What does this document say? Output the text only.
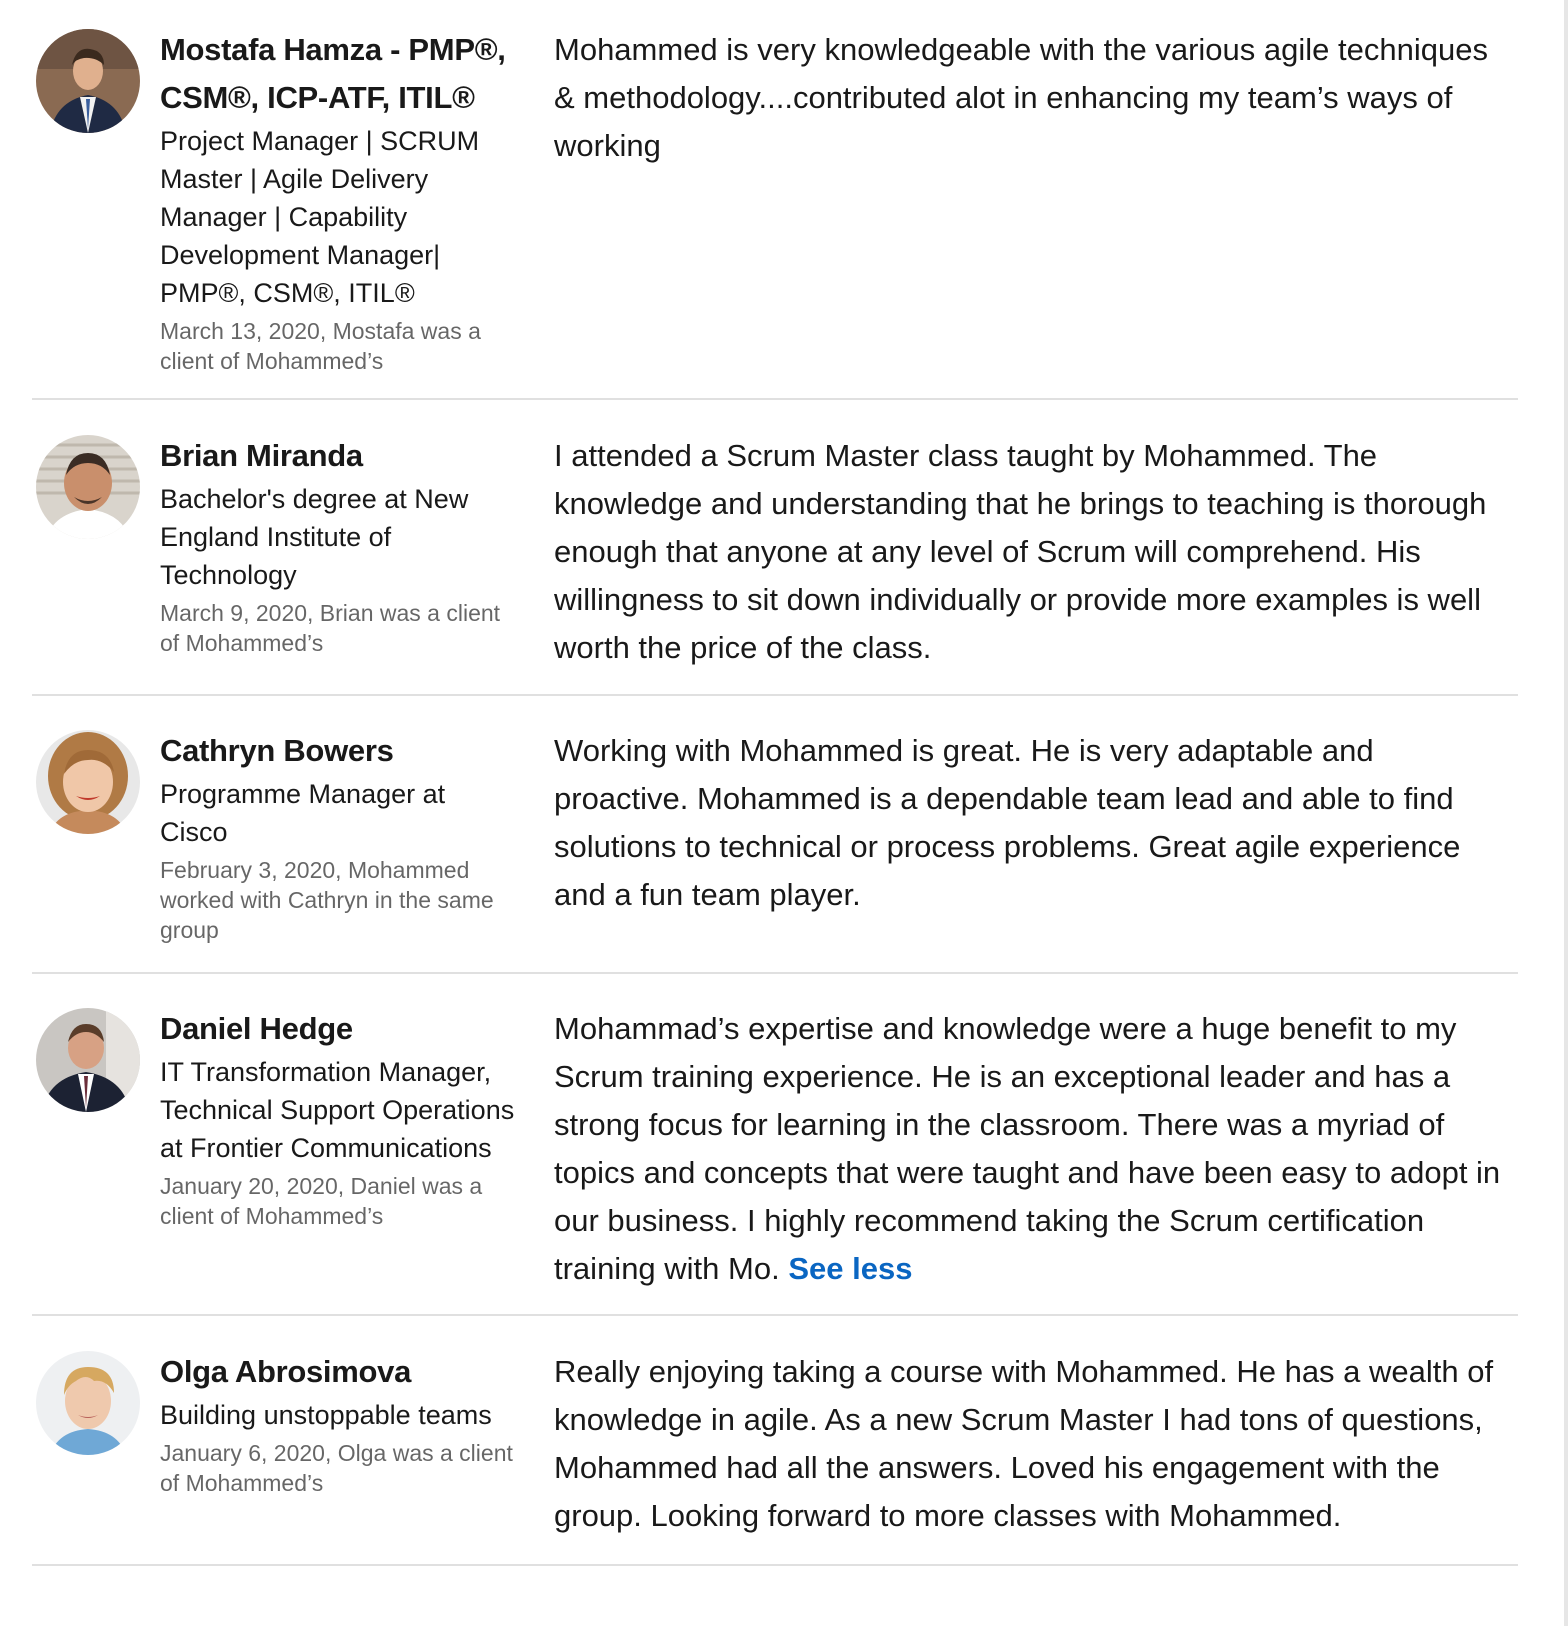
Mostafa Hamza - PMP®, CSM®, ICP-ATF, ITIL®
Project Manager | SCRUM Master | Agile Delivery Manager | Capability Development Manager| PMP®, CSM®, ITIL®
March 13, 2020, Mostafa was a client of Mohammed’s
Mohammed is very knowledgeable with the various agile techniques & methodology....contributed alot in enhancing my team’s ways of working
Brian Miranda
Bachelor's degree at New England Institute of Technology
March 9, 2020, Brian was a client of Mohammed’s
I attended a Scrum Master class taught by Mohammed. The knowledge and understanding that he brings to teaching is thorough enough that anyone at any level of Scrum will comprehend. His willingness to sit down individually or provide more examples is well worth the price of the class.
Cathryn Bowers
Programme Manager at Cisco
February 3, 2020, Mohammed worked with Cathryn in the same group
Working with Mohammed is great. He is very adaptable and proactive. Mohammed is a dependable team lead and able to find solutions to technical or process problems. Great agile experience and a fun team player.
Daniel Hedge
IT Transformation Manager, Technical Support Operations at Frontier Communications
January 20, 2020, Daniel was a client of Mohammed’s
Mohammad’s expertise and knowledge were a huge benefit to my Scrum training experience. He is an exceptional leader and has a strong focus for learning in the classroom. There was a myriad of topics and concepts that were taught and have been easy to adopt in our business. I highly recommend taking the Scrum certification training with Mo. See less
Olga Abrosimova
Building unstoppable teams
January 6, 2020, Olga was a client of Mohammed’s
Really enjoying taking a course with Mohammed. He has a wealth of knowledge in agile. As a new Scrum Master I had tons of questions, Mohammed had all the answers. Loved his engagement with the group. Looking forward to more classes with Mohammed.
